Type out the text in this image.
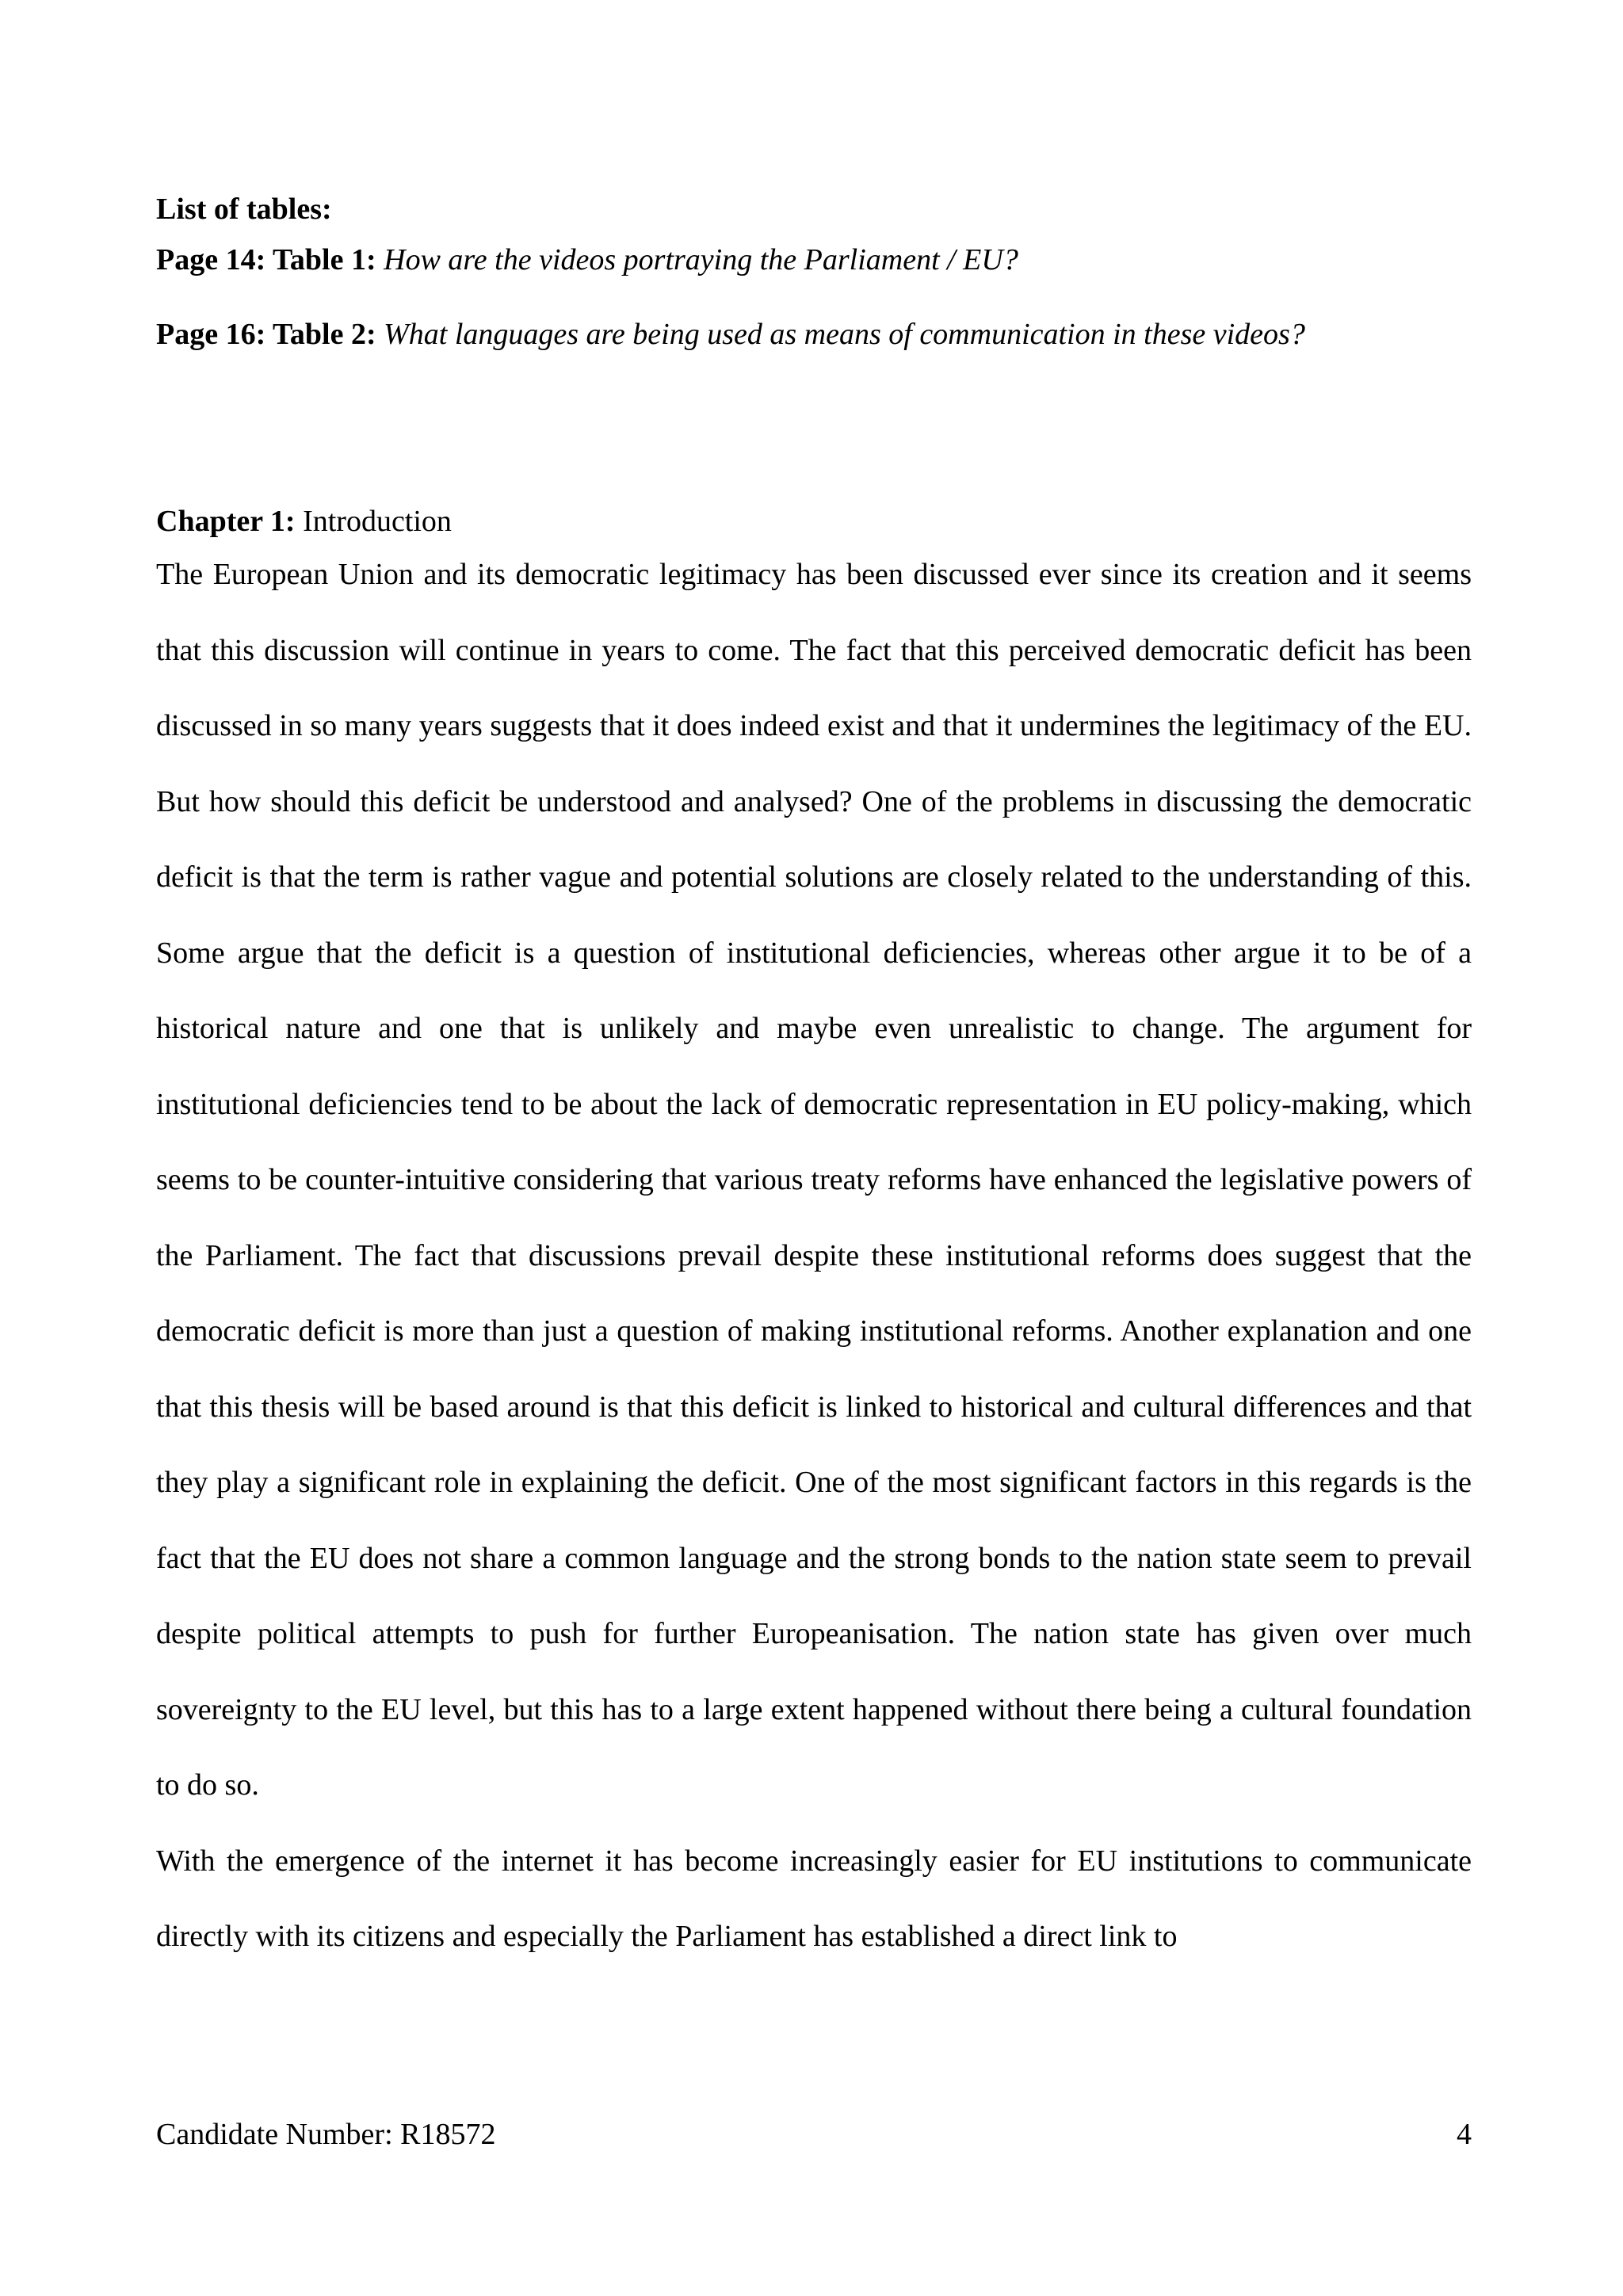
List of tables:

Page 14: Table 1: How are the videos portraying the Parliament / EU?

Page 16: Table 2: What languages are being used as means of communication in these videos?

Chapter 1: Introduction

The European Union and its democratic legitimacy has been discussed ever since its creation and it seems that this discussion will continue in years to come. The fact that this perceived democratic deficit has been discussed in so many years suggests that it does indeed exist and that it undermines the legitimacy of the EU. But how should this deficit be understood and analysed? One of the problems in discussing the democratic deficit is that the term is rather vague and potential solutions are closely related to the understanding of this. Some argue that the deficit is a question of institutional deficiencies, whereas other argue it to be of a historical nature and one that is unlikely and maybe even unrealistic to change. The argument for institutional deficiencies tend to be about the lack of democratic representation in EU policy-making, which seems to be counter-intuitive considering that various treaty reforms have enhanced the legislative powers of the Parliament. The fact that discussions prevail despite these institutional reforms does suggest that the democratic deficit is more than just a question of making institutional reforms. Another explanation and one that this thesis will be based around is that this deficit is linked to historical and cultural differences and that they play a significant role in explaining the deficit. One of the most significant factors in this regards is the fact that the EU does not share a common language and the strong bonds to the nation state seem to prevail despite political attempts to push for further Europeanisation. The nation state has given over much sovereignty to the EU level, but this has to a large extent happened without there being a cultural foundation to do so.

With the emergence of the internet it has become increasingly easier for EU institutions to communicate directly with its citizens and especially the Parliament has established a direct link to

Candidate Number: R18572	4
